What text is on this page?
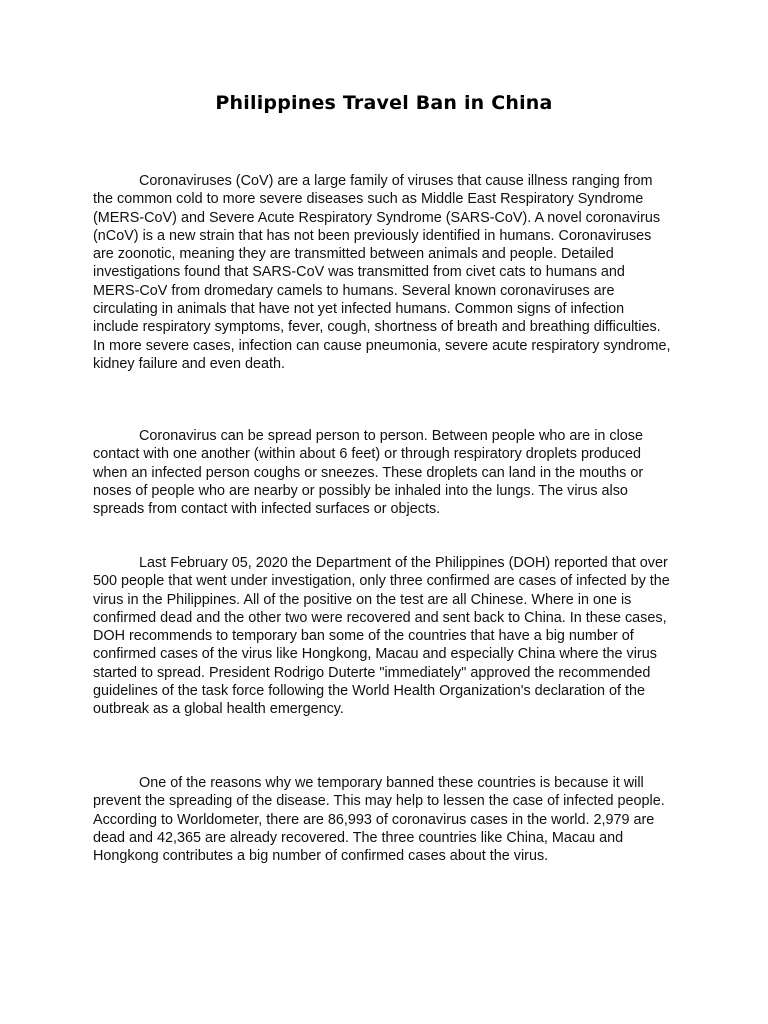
Philippines Travel Ban in China

Coronaviruses (CoV) are a large family of viruses that cause illness ranging from the common cold to more severe diseases such as Middle East Respiratory Syndrome (MERS-CoV) and Severe Acute Respiratory Syndrome (SARS-CoV). A novel coronavirus (nCoV) is a new strain that has not been previously identified in humans. Coronaviruses are zoonotic, meaning they are transmitted between animals and people. Detailed investigations found that SARS-CoV was transmitted from civet cats to humans and MERS-CoV from dromedary camels to humans. Several known coronaviruses are circulating in animals that have not yet infected humans. Common signs of infection include respiratory symptoms, fever, cough, shortness of breath and breathing difficulties. In more severe cases, infection can cause pneumonia, severe acute respiratory syndrome, kidney failure and even death.

Coronavirus can be spread person to person. Between people who are in close contact with one another (within about 6 feet) or through respiratory droplets produced when an infected person coughs or sneezes. These droplets can land in the mouths or noses of people who are nearby or possibly be inhaled into the lungs. The virus also spreads from contact with infected surfaces or objects.

Last February 05, 2020 the Department of the Philippines (DOH) reported that over 500 people that went under investigation, only three confirmed are cases of infected by the virus in the Philippines. All of the positive on the test are all Chinese. Where in one is confirmed dead and the other two were recovered and sent back to China. In these cases, DOH recommends to temporary ban some of the countries that have a big number of confirmed cases of the virus like Hongkong, Macau and especially China where the virus started to spread. President Rodrigo Duterte "immediately" approved the recommended guidelines of the task force following the World Health Organization's declaration of the outbreak as a global health emergency.

One of the reasons why we temporary banned these countries is because it will prevent the spreading of the disease. This may help to lessen the case of infected people. According to Worldometer, there are 86,993 of coronavirus cases in the world. 2,979 are dead and 42,365 are already recovered. The three countries like China, Macau and Hongkong contributes a big number of confirmed cases about the virus.
